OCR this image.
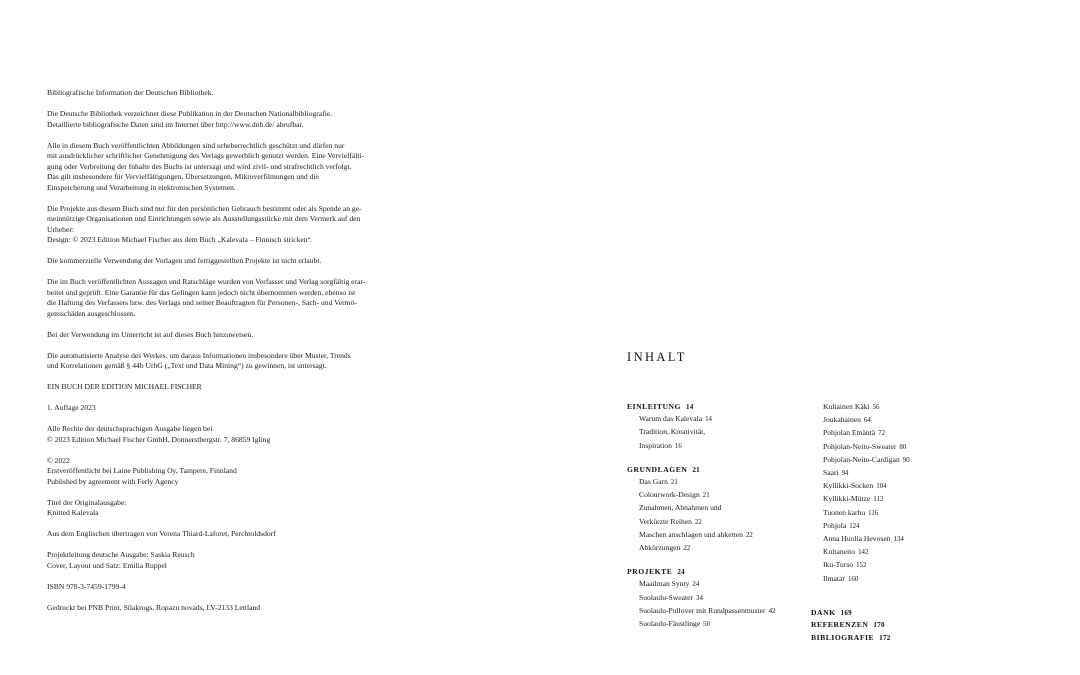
Bibliografische Information der Deutschen Bibliothek.

Die Deutsche Bibliothek verzeichnet diese Publikation in der Deutschen Nationalbibliografie.
Detaillierte bibliografische Daten sind im Internet über http://www.dnb.de/ abrufbar.

Alle in diesem Buch veröffentlichten Abbildungen sind urheberrechtlich geschützt und dürfen nur
mit ausdrücklicher schriftlicher Genehmigung des Verlags gewerblich genutzt werden. Eine Vervielfälti-
gung oder Verbreitung der Inhalte des Buchs ist untersagt und wird zivil- und strafrechtlich verfolgt.
Das gilt insbesondere für Vervielfältigungen, Übersetzungen, Mikroverfilmungen und die
Einspeicherung und Verarbeitung in elektronischen Systemen.

Die Projekte aus diesem Buch sind nur für den persönlichen Gebrauch bestimmt oder als Spende an ge-
meinnützige Organisationen und Einrichtungen sowie als Ausstellungsstücke mit dem Vermerk auf den
Urheber:
Design: © 2023 Edition Michael Fischer aus dem Buch „Kalevala – Finnisch stricken“.

Die kommerzielle Verwendung der Vorlagen und fertiggestellten Projekte ist nicht erlaubt.

Die im Buch veröffentlichten Aussagen und Ratschläge wurden von Verfasser und Verlag sorgfältig erar-
beitet und geprüft. Eine Garantie für das Gelingen kann jedoch nicht übernommen werden, ebenso ist
die Haftung des Verfassers bzw. des Verlags und seiner Beauftragten für Personen-, Sach- und Vermö-
gensschäden ausgeschlossen.

Bei der Verwendung im Unterricht ist auf dieses Buch hinzuweisen.

Die automatisierte Analyse des Werkes, um daraus Informationen insbesondere über Muster, Trends
und Korrelationen gemäß § 44b UrhG („Text und Data Mining“) zu gewinnen, ist untersagt.

EIN BUCH DER EDITION MICHAEL FISCHER

1. Auflage 2023

Alle Rechte der deutschsprachigen Ausgabe liegen bei
© 2023 Edition Michael Fischer GmbH, Donnerstbergstr. 7, 86859 Igling

© 2022
Erstveröffentlicht bei Laine Publishing Oy, Tampere, Finnland
Published by agreement with Ferly Agency

Titel der Originalausgabe:
Knitted Kalevala

Aus dem Englischen übertragen von Verena Thiard-Laforet, Perchtoldsdorf

Projektleitung deutsche Ausgabe: Saskia Reusch
Cover, Layout und Satz: Emilia Ruppel

ISBN 978-3-7459-1799-4

Gedruckt bei PNB Print, Silakrogs, Ropazu novads, LV-2133 Lettland

INHALT
EINLEITUNG 14
Warum das Kalevala 14
Tradition, Kreativität,
Inspiration 16
GRUNDLAGEN 21
Das Garn 21
Colourwork-Design 21
Zunahmen, Abnahmen und
Verkürzte Reihen 22
Maschen anschlagen und abketten 22
Abkürzungen 22
PROJEKTE 24
Maailman Synty 24
Suolaulu-Sweater 34
Suolaulu-Pullover mit Rundpassenmuster 42
Suolaulu-Fäustlinge 50
Kultainen Käki 56
Joukahainen 64
Pohjolan Emäntä 72
Pohjolan-Neito-Sweater 80
Pohjolan-Neito-Cardigan 90
Saari 94
Kyllikki-Socken 104
Kyllikki-Mütze 112
Tuonen karhu 116
Pohjola 124
Anna Huolia Hevosen 134
Kultaneito 142
Iku-Turso 152
Ilmatar 160
DANK 169
REFERENZEN 170
BIBLIOGRAFIE 172
